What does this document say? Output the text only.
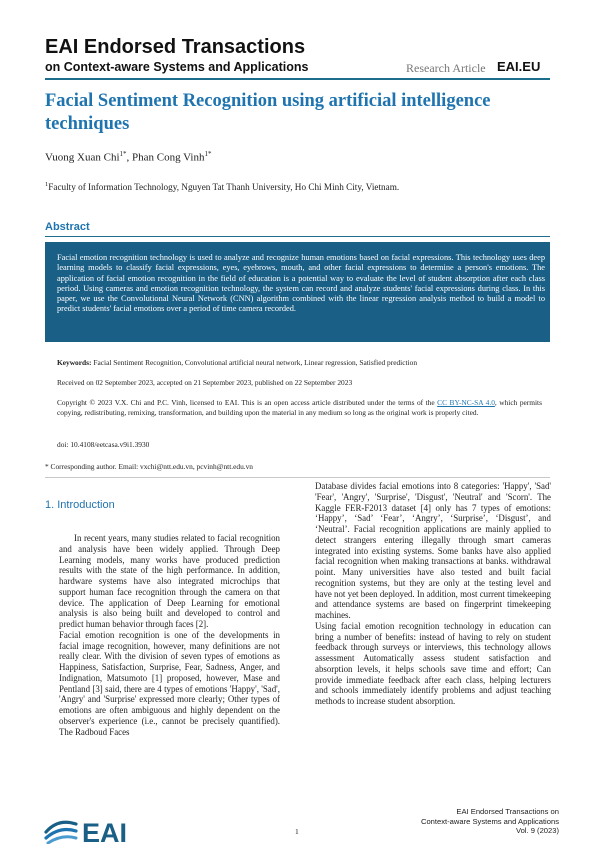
EAI Endorsed Transactions
on Context-aware Systems and Applications	Research Article EAI.EU
Facial Sentiment Recognition using artificial intelligence techniques
Vuong Xuan Chi$^{1*}$, Phan Cong Vinh$^{1*}$
$^1$Faculty of Information Technology, Nguyen Tat Thanh University, Ho Chi Minh City, Vietnam.
Abstract
Facial emotion recognition technology is used to analyze and recognize human emotions based on facial expressions. This technology uses deep learning models to classify facial expressions, eyes, eyebrows, mouth, and other facial expressions to determine a person's emotions. The application of facial emotion recognition in the field of education is a potential way to evaluate the level of student absorption after each class period. Using cameras and emotion recognition technology, the system can record and analyze students' facial expressions during class. In this paper, we use the Convolutional Neural Network (CNN) algorithm combined with the linear regression analysis method to build a model to predict students' facial emotions over a period of time camera recorded.
Keywords: Facial Sentiment Recognition, Convolutional artificial neural network, Linear regression, Satisfied prediction
Received on 02 September 2023, accepted on 21 September 2023, published on 22 September 2023
Copyright © 2023 V.X. Chi and P.C. Vinh, licensed to EAI. This is an open access article distributed under the terms of the CC BY-NC-SA 4.0, which permits copying, redistributing, remixing, transformation, and building upon the material in any medium so long as the original work is properly cited.
doi: 10.4108/eetcasa.v9i1.3930
* Corresponding author. Email: vxchi@ntt.edu.vn, pcvinh@ntt.edu.vn
1. Introduction

In recent years, many studies related to facial recognition and analysis have been widely applied. Through Deep Learning models, many works have produced prediction results with the state of the high performance. In addition, hardware systems have also integrated microchips that support human face recognition through the camera on that device. The application of Deep Learning for emotional analysis is also being built and developed to control and predict human behavior through faces [2].

Facial emotion recognition is one of the developments in facial image recognition, however, many definitions are not really clear. With the division of seven types of emotions as Happiness, Satisfaction, Surprise, Fear, Sadness, Anger, and Indignation, Matsumoto [1] proposed, however, Mase and Pentland [3] said, there are 4 types of emotions 'Happy', 'Sad', 'Angry' and 'Surprise' expressed more clearly; Other types of emotions are often ambiguous and highly dependent on the observer's experience (i.e., cannot be precisely quantified). The Radboud Faces

Database divides facial emotions into 8 categories: 'Happy', 'Sad' 'Fear', 'Angry', 'Surprise', 'Disgust', 'Neutral' and 'Scorn'. The Kaggle FER-F2013 dataset [4] only has 7 types of emotions: ‘Happy’, ‘Sad’ ‘Fear’, ‘Angry’, ‘Surprise’, ‘Disgust’, and ‘Neutral’. Facial recognition applications are mainly applied to detect strangers entering illegally through smart cameras integrated into existing systems. Some banks have also applied facial recognition when making transactions at banks. withdrawal point. Many universities have also tested and built facial recognition systems, but they are only at the testing level and have not yet been deployed. In addition, most current timekeeping and attendance systems are based on fingerprint timekeeping machines.

Using facial emotion recognition technology in education can bring a number of benefits: instead of having to rely on student feedback through surveys or interviews, this technology allows assessment Automatically assess student satisfaction and absorption levels, it helps schools save time and effort; Can provide immediate feedback after each class, helping lecturers and schools immediately identify problems and adjust teaching methods to increase student absorption.

EAI	1
EAI Endorsed Transactions on
Context-aware Systems and Applications
Vol. 9 (2023)
